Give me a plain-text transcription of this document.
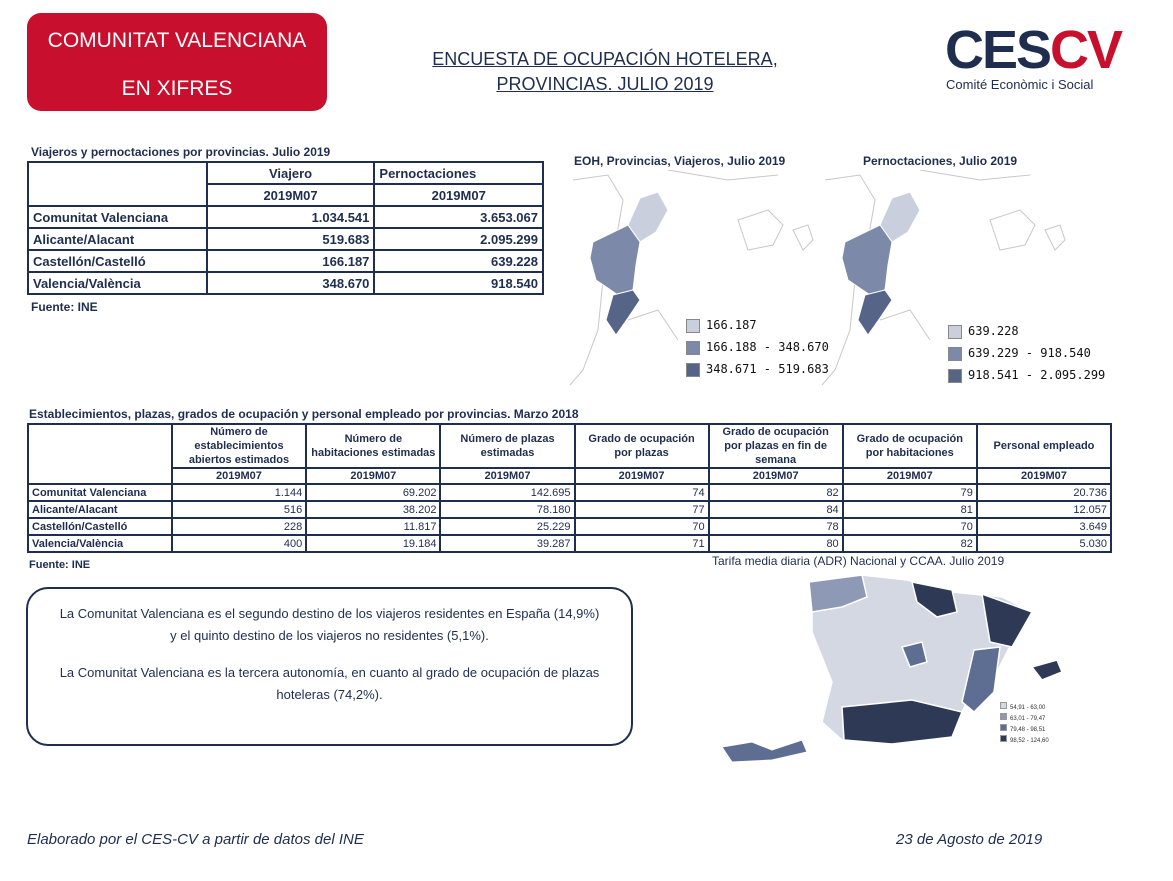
COMUNITAT VALENCIANA
EN XIFRES
ENCUESTA DE OCUPACIÓN HOTELERA,
PROVINCIAS. JULIO 2019
CESCV
Comité Econòmic i Social
Viajeros y pernoctaciones por provincias. Julio 2019
	Viajero	Pernoctaciones
	2019M07	2019M07
Comunitat Valenciana	1.034.541	3.653.067
Alicante/Alacant	519.683	2.095.299
Castellón/Castelló	166.187	639.228
Valencia/València	348.670	918.540
Fuente: INE
EOH, Provincias, Viajeros, Julio 2019
166.187
166.188 - 348.670
348.671 - 519.683
Pernoctaciones, Julio 2019
639.228
639.229 - 918.540
918.541 - 2.095.299
Establecimientos, plazas, grados de ocupación y personal empleado por provincias. Marzo 2018
	Número de establecimientos abiertos estimados	Número de habitaciones estimadas	Número de plazas estimadas	Grado de ocupación por plazas	Grado de ocupación por plazas en fin de semana	Grado de ocupación por habitaciones	Personal empleado
	2019M07	2019M07	2019M07	2019M07	2019M07	2019M07	2019M07
Comunitat Valenciana	1.144	69.202	142.695	74	82	79	20.736
Alicante/Alacant	516	38.202	78.180	77	84	81	12.057
Castellón/Castelló	228	11.817	25.229	70	78	70	3.649
Valencia/València	400	19.184	39.287	71	80	82	5.030
Fuente: INE	Tarifa media diaria (ADR) Nacional y CCAA. Julio 2019
54,91 - 63,00
63,01 - 79,47
79,48 - 98,51
98,52 - 124,60

La Comunitat Valenciana es el segundo destino de los viajeros residentes en España (14,9%) y el quinto destino de los viajeros no residentes (5,1%).

La Comunitat Valenciana es la tercera autonomía, en cuanto al grado de ocupación de plazas hoteleras (74,2%).

Elaborado por el CES-CV a partir de datos del INE	23 de Agosto de 2019
